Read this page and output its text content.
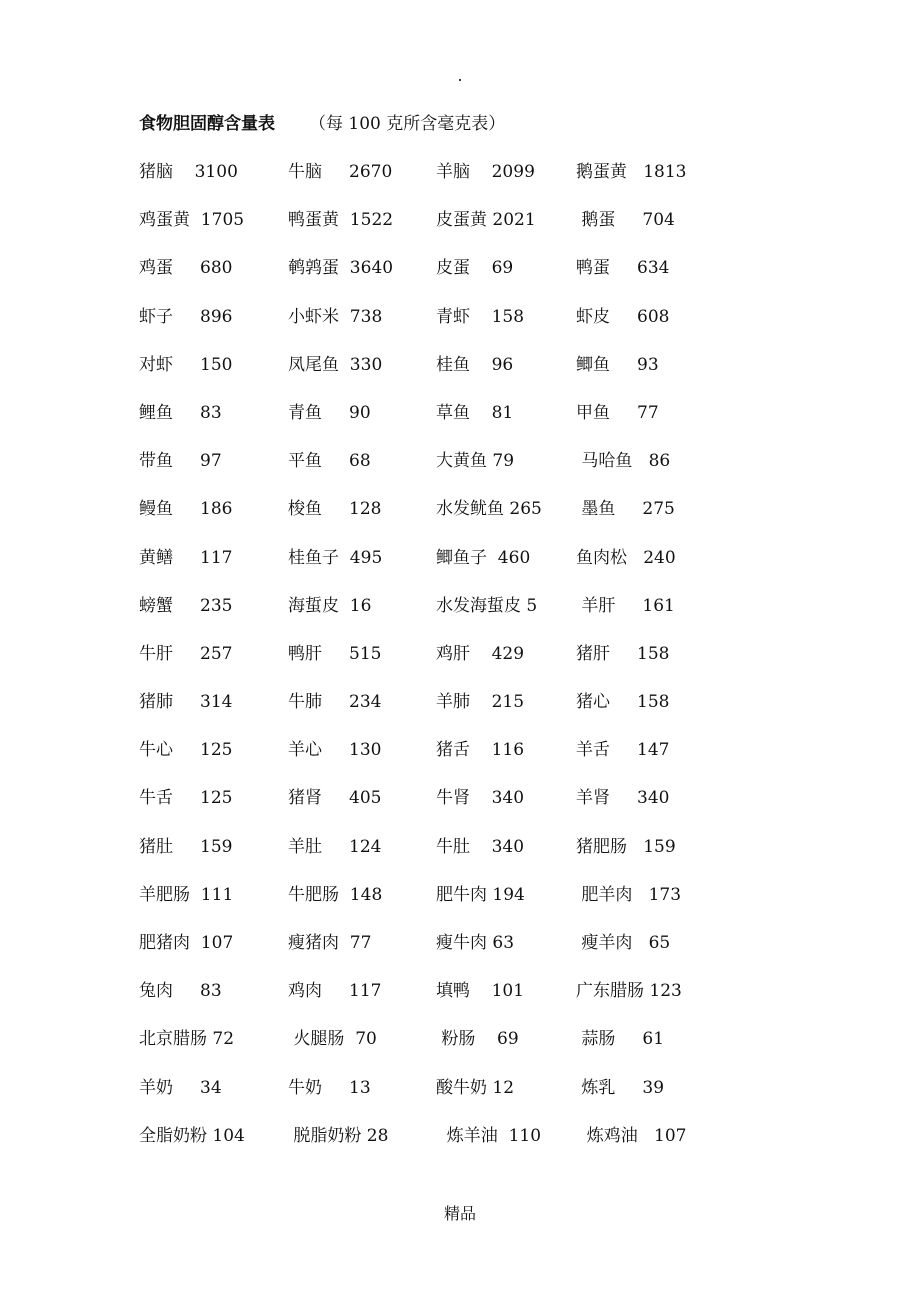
.
食物胆固醇含量表 （每 100 克所含毫克表）
猪脑    3100	牛脑     2670	羊脑    2099 鹅蛋黄   1813
鸡蛋黄  1705	鸭蛋黄  1522	皮蛋黄 2021 鹅蛋     704
鸡蛋     680	鹌鹑蛋  3640	皮蛋    69	鸭蛋     634
虾子     896	小虾米  738	青虾    158	虾皮     608
对虾     150	凤尾鱼  330	桂鱼    96	鲫鱼     93
鲤鱼     83	青鱼     90	草鱼    81	甲鱼     77
带鱼     97	平鱼     68	大黄鱼 79	马哈鱼   86
鳗鱼     186	梭鱼     128	水发鱿鱼 265 墨鱼     275
黄鳝     117	桂鱼子  495	鲫鱼子  460	鱼肉松   240
螃蟹     235	海蜇皮  16	水发海蜇皮 5 羊肝     161
牛肝     257	鸭肝     515	鸡肝    429	猪肝     158
猪肺     314	牛肺     234	羊肺    215	猪心     158
牛心     125	羊心     130	猪舌    116	羊舌     147
牛舌     125	猪肾     405	牛肾    340	羊肾     340
猪肚     159	羊肚     124	牛肚    340	猪肥肠   159
羊肥肠  111	牛肥肠  148	肥牛肉 194	肥羊肉   173
肥猪肉  107	瘦猪肉  77	瘦牛肉 63	瘦羊肉   65
兔肉     83	鸡肉     117	填鸭    101	广东腊肠 123
北京腊肠 72	火腿肠  70	粉肠    69	蒜肠     61
羊奶     34	牛奶     13	酸牛奶 12	炼乳     39
全脂奶粉 104	脱脂奶粉 28	炼羊油  110 炼鸡油   107
精品
